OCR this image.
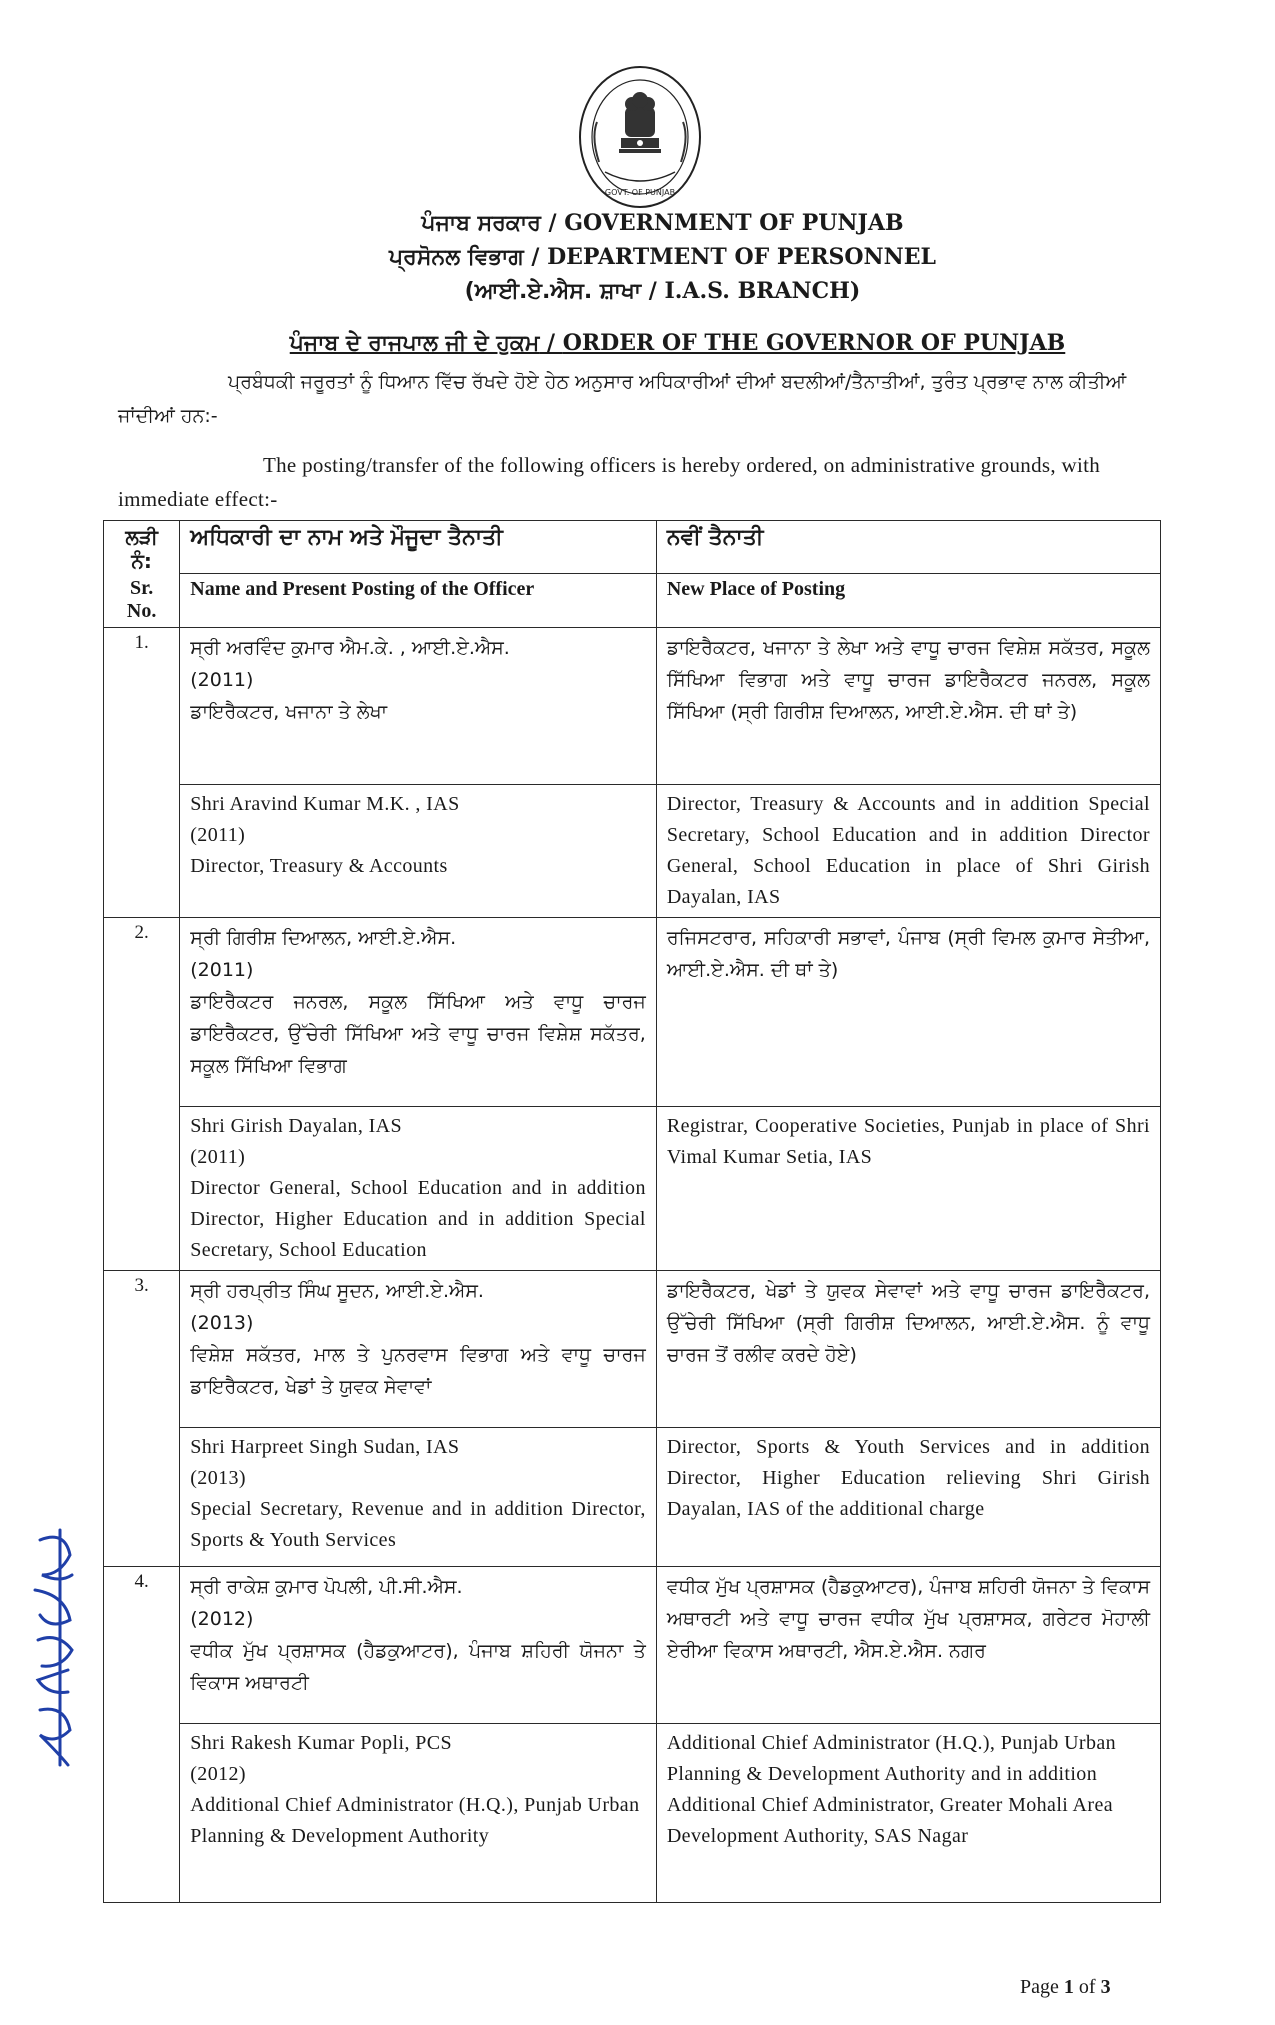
GOVT. OF PUNJAB
ਪੰਜਾਬ ਸਰਕਾਰ / GOVERNMENT OF PUNJAB
ਪ੍ਰਸੋਨਲ ਵਿਭਾਗ / DEPARTMENT OF PERSONNEL
(ਆਈ.ਏ.ਐਸ. ਸ਼ਾਖਾ / I.A.S. BRANCH)
ਪੰਜਾਬ ਦੇ ਰਾਜਪਾਲ ਜੀ ਦੇ ਹੁਕਮ / ORDER OF THE GOVERNOR OF PUNJAB
ਪ੍ਰਬੰਧਕੀ ਜਰੂਰਤਾਂ ਨੂੰ ਧਿਆਨ ਵਿੱਚ ਰੱਖਦੇ ਹੋਏ ਹੇਠ ਅਨੁਸਾਰ ਅਧਿਕਾਰੀਆਂ ਦੀਆਂ ਬਦਲੀਆਂ/ਤੈਨਾਤੀਆਂ, ਤੁਰੰਤ ਪ੍ਰਭਾਵ ਨਾਲ ਕੀਤੀਆਂ ਜਾਂਦੀਆਂ ਹਨ:-
The posting/transfer of the following officers is hereby ordered, on administrative grounds, with immediate effect:-
ਲੜੀ ਨੰ:	ਅਧਿਕਾਰੀ ਦਾ ਨਾਮ ਅਤੇ ਮੌਜੂਦਾ ਤੈਨਾਤੀ	ਨਵੀਂ ਤੈਨਾਤੀ
Sr. No.	Name and Present Posting of the Officer	New Place of Posting
1.	ਸ੍ਰੀ ਅਰਵਿੰਦ ਕੁਮਾਰ ਐਮ.ਕੇ. , ਆਈ.ਏ.ਐਸ.
(2011)
ਡਾਇਰੈਕਟਰ, ਖਜਾਨਾ ਤੇ ਲੇਖਾ	ਡਾਇਰੈਕਟਰ, ਖਜਾਨਾ ਤੇ ਲੇਖਾ ਅਤੇ ਵਾਧੂ ਚਾਰਜ ਵਿਸ਼ੇਸ਼ ਸਕੱਤਰ, ਸਕੂਲ ਸਿੱਖਿਆ ਵਿਭਾਗ ਅਤੇ ਵਾਧੂ ਚਾਰਜ ਡਾਇਰੈਕਟਰ ਜਨਰਲ, ਸਕੂਲ ਸਿੱਖਿਆ (ਸ੍ਰੀ ਗਿਰੀਸ਼ ਦਿਆਲਨ, ਆਈ.ਏ.ਐਸ. ਦੀ ਥਾਂ ਤੇ)

	Shri Aravind Kumar M.K. , IAS
(2011)
Director, Treasury & Accounts	Director, Treasury & Accounts and in addition Special Secretary, School Education and in addition Director General, School Education in place of Shri Girish Dayalan, IAS
2.	ਸ੍ਰੀ ਗਿਰੀਸ਼ ਦਿਆਲਨ, ਆਈ.ਏ.ਐਸ.
(2011)
ਡਾਇਰੈਕਟਰ ਜਨਰਲ, ਸਕੂਲ ਸਿੱਖਿਆ ਅਤੇ ਵਾਧੂ ਚਾਰਜ ਡਾਇਰੈਕਟਰ, ਉੱਚੇਰੀ ਸਿੱਖਿਆ ਅਤੇ ਵਾਧੂ ਚਾਰਜ ਵਿਸ਼ੇਸ਼ ਸਕੱਤਰ, ਸਕੂਲ ਸਿੱਖਿਆ ਵਿਭਾਗ	ਰਜਿਸਟਰਾਰ, ਸਹਿਕਾਰੀ ਸਭਾਵਾਂ, ਪੰਜਾਬ (ਸ੍ਰੀ ਵਿਮਲ ਕੁਮਾਰ ਸੇਤੀਆ, ਆਈ.ਏ.ਐਸ. ਦੀ ਥਾਂ ਤੇ)

	Shri Girish Dayalan, IAS
(2011)
Director General, School Education and in addition Director, Higher Education and in addition Special Secretary, School Education	Registrar, Cooperative Societies, Punjab in place of Shri Vimal Kumar Setia, IAS
3.	ਸ੍ਰੀ ਹਰਪ੍ਰੀਤ ਸਿੰਘ ਸੂਦਨ, ਆਈ.ਏ.ਐਸ.
(2013)
ਵਿਸ਼ੇਸ਼ ਸਕੱਤਰ, ਮਾਲ ਤੇ ਪੁਨਰਵਾਸ ਵਿਭਾਗ ਅਤੇ ਵਾਧੂ ਚਾਰਜ ਡਾਇਰੈਕਟਰ, ਖੇਡਾਂ ਤੇ ਯੁਵਕ ਸੇਵਾਵਾਂ	ਡਾਇਰੈਕਟਰ, ਖੇਡਾਂ ਤੇ ਯੁਵਕ ਸੇਵਾਵਾਂ ਅਤੇ ਵਾਧੂ ਚਾਰਜ ਡਾਇਰੈਕਟਰ, ਉੱਚੇਰੀ ਸਿੱਖਿਆ (ਸ੍ਰੀ ਗਿਰੀਸ਼ ਦਿਆਲਨ, ਆਈ.ਏ.ਐਸ. ਨੂੰ ਵਾਧੂ ਚਾਰਜ ਤੋਂ ਰਲੀਵ ਕਰਦੇ ਹੋਏ)

	Shri Harpreet Singh Sudan, IAS
(2013)
Special Secretary, Revenue and in addition Director, Sports & Youth Services	Director, Sports & Youth Services and in addition Director, Higher Education relieving Shri Girish Dayalan, IAS of the additional charge
4.	ਸ੍ਰੀ ਰਾਕੇਸ਼ ਕੁਮਾਰ ਪੋਪਲੀ, ਪੀ.ਸੀ.ਐਸ.
(2012)
ਵਧੀਕ ਮੁੱਖ ਪ੍ਰਸ਼ਾਸਕ (ਹੈਡਕੁਆਟਰ), ਪੰਜਾਬ ਸ਼ਹਿਰੀ ਯੋਜਨਾ ਤੇ ਵਿਕਾਸ ਅਥਾਰਟੀ	ਵਧੀਕ ਮੁੱਖ ਪ੍ਰਸ਼ਾਸਕ (ਹੈਡਕੁਆਟਰ), ਪੰਜਾਬ ਸ਼ਹਿਰੀ ਯੋਜਨਾ ਤੇ ਵਿਕਾਸ ਅਥਾਰਟੀ ਅਤੇ ਵਾਧੂ ਚਾਰਜ ਵਧੀਕ ਮੁੱਖ ਪ੍ਰਸ਼ਾਸਕ, ਗਰੇਟਰ ਮੋਹਾਲੀ ਏਰੀਆ ਵਿਕਾਸ ਅਥਾਰਟੀ, ਐਸ.ਏ.ਐਸ. ਨਗਰ

	Shri Rakesh Kumar Popli, PCS
(2012)
Additional Chief Administrator (H.Q.), Punjab Urban Planning & Development Authority	Additional Chief Administrator (H.Q.), Punjab Urban Planning & Development Authority and in addition Additional Chief Administrator, Greater Mohali Area Development Authority, SAS Nagar
Page 1 of 3
